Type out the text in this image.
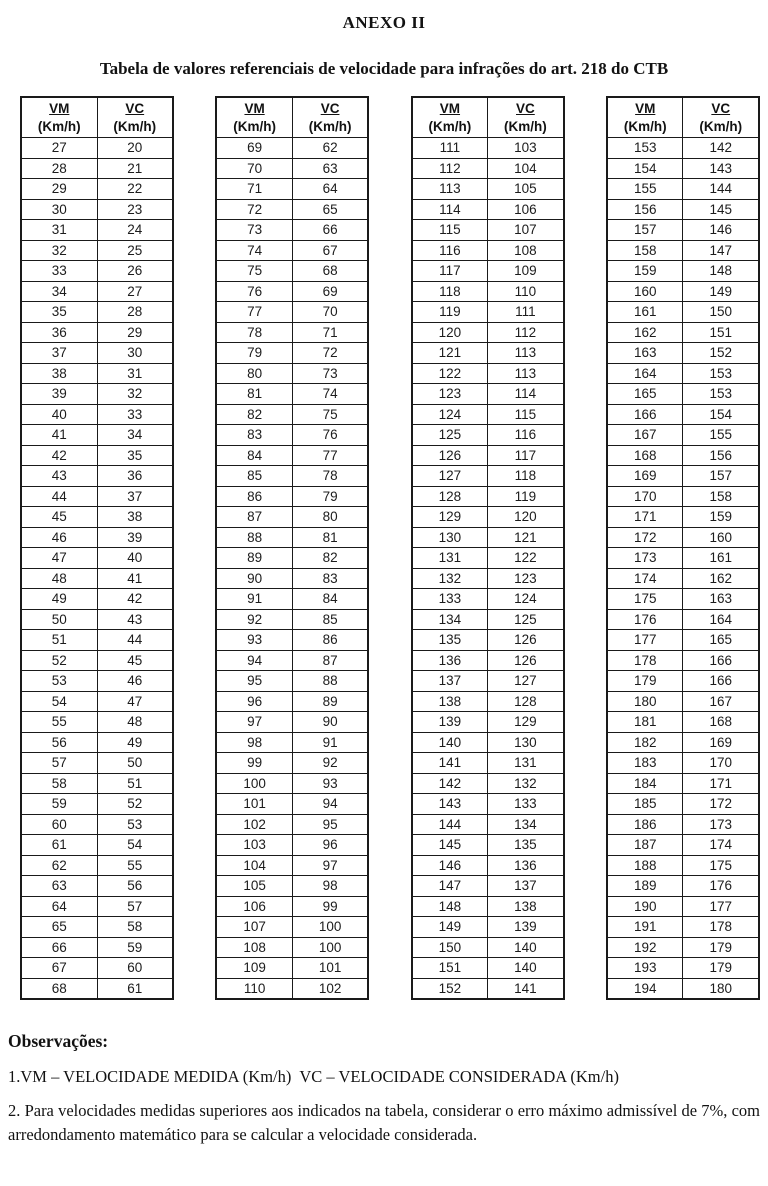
ANEXO II
Tabela de valores referenciais de velocidade para infrações do art. 218 do CTB
VM
(Km/h)	VC
(Km/h)
27	20
28	21
29	22
30	23
31	24
32	25
33	26
34	27
35	28
36	29
37	30
38	31
39	32
40	33
41	34
42	35
43	36
44	37
45	38
46	39
47	40
48	41
49	42
50	43
51	44
52	45
53	46
54	47
55	48
56	49
57	50
58	51
59	52
60	53
61	54
62	55
63	56
64	57
65	58
66	59
67	60
68	61
VM
(Km/h)	VC
(Km/h)
69	62
70	63
71	64
72	65
73	66
74	67
75	68
76	69
77	70
78	71
79	72
80	73
81	74
82	75
83	76
84	77
85	78
86	79
87	80
88	81
89	82
90	83
91	84
92	85
93	86
94	87
95	88
96	89
97	90
98	91
99	92
100	93
101	94
102	95
103	96
104	97
105	98
106	99
107	100
108	100
109	101
110	102
VM
(Km/h)	VC
(Km/h)
111	103
112	104
113	105
114	106
115	107
116	108
117	109
118	110
119	111
120	112
121	113
122	113
123	114
124	115
125	116
126	117
127	118
128	119
129	120
130	121
131	122
132	123
133	124
134	125
135	126
136	126
137	127
138	128
139	129
140	130
141	131
142	132
143	133
144	134
145	135
146	136
147	137
148	138
149	139
150	140
151	140
152	141
VM
(Km/h)	VC
(Km/h)
153	142
154	143
155	144
156	145
157	146
158	147
159	148
160	149
161	150
162	151
163	152
164	153
165	153
166	154
167	155
168	156
169	157
170	158
171	159
172	160
173	161
174	162
175	163
176	164
177	165
178	166
179	166
180	167
181	168
182	169
183	170
184	171
185	172
186	173
187	174
188	175
189	176
190	177
191	178
192	179
193	179
194	180
Observações:
1.VM – VELOCIDADE MEDIDA (Km/h)  VC – VELOCIDADE CONSIDERADA (Km/h)
2. Para velocidades medidas superiores aos indicados na tabela, considerar o erro máximo admissível de 7%, com arredondamento matemático para se calcular a velocidade considerada.
